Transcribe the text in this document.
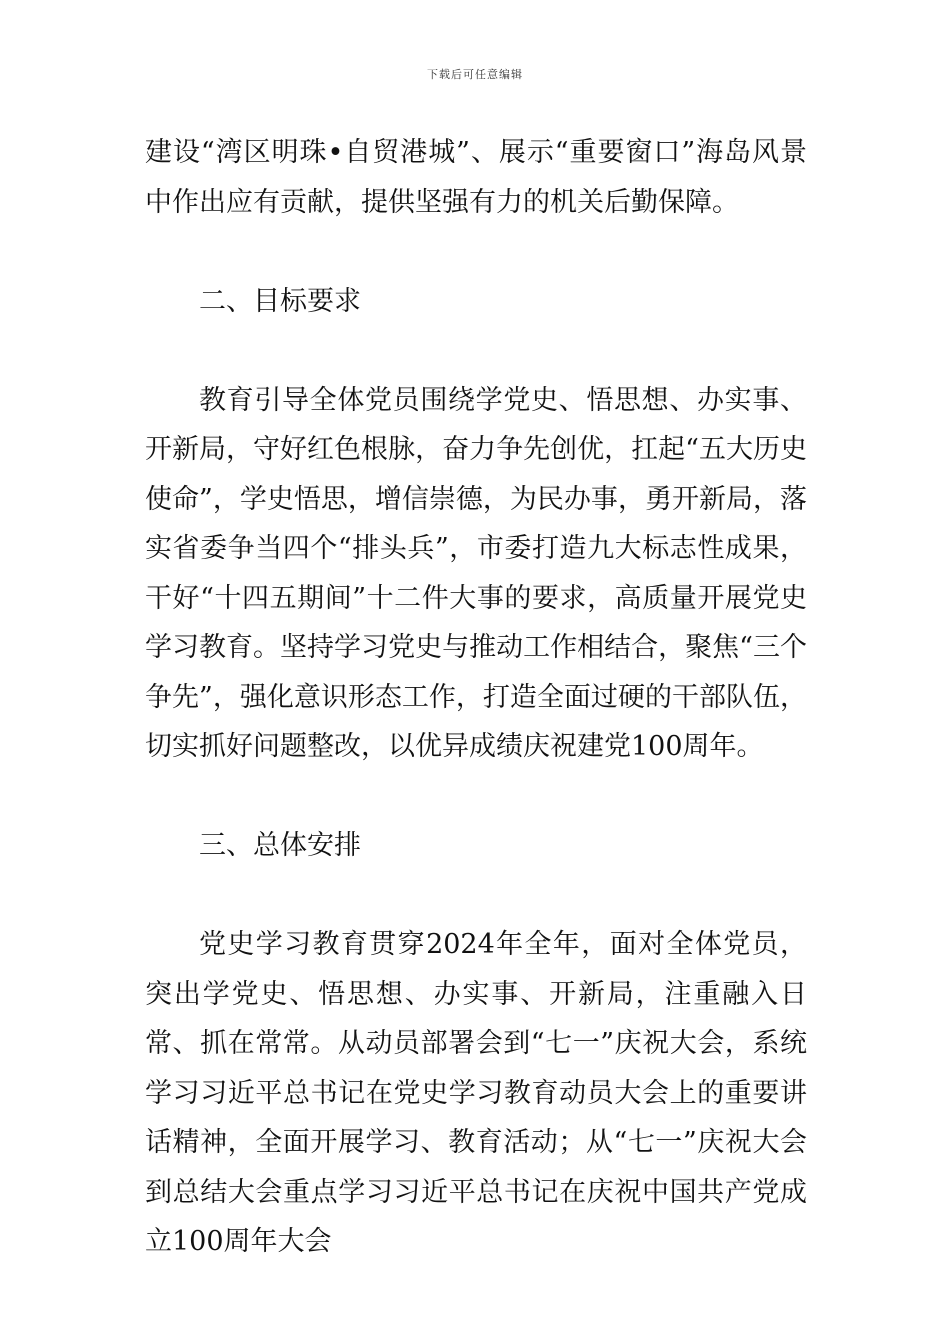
下载后可任意编辑

建设“湾区明珠•自贸港城”、展示“重要窗口”海岛风景中作出应有贡献，提供坚强有力的机关后勤保障。

二、目标要求

教育引导全体党员围绕学党史、悟思想、办实事、开新局，守好红色根脉，奋力争先创优，扛起“五大历史使命”，学史悟思，增信崇德，为民办事，勇开新局，落实省委争当四个“排头兵”，市委打造九大标志性成果，干好“十四五期间”十二件大事的要求，高质量开展党史学习教育。坚持学习党史与推动工作相结合，聚焦“三个争先”，强化意识形态工作，打造全面过硬的干部队伍，切实抓好问题整改，以优异成绩庆祝建党100周年。

三、总体安排

党史学习教育贯穿2024年全年，面对全体党员，突出学党史、悟思想、办实事、开新局，注重融入日常、抓在常常。从动员部署会到“七一”庆祝大会，系统学习习近平总书记在党史学习教育动员大会上的重要讲话精神，全面开展学习、教育活动；从“七一”庆祝大会到总结大会重点学习习近平总书记在庆祝中国共产党成立100周年大会
